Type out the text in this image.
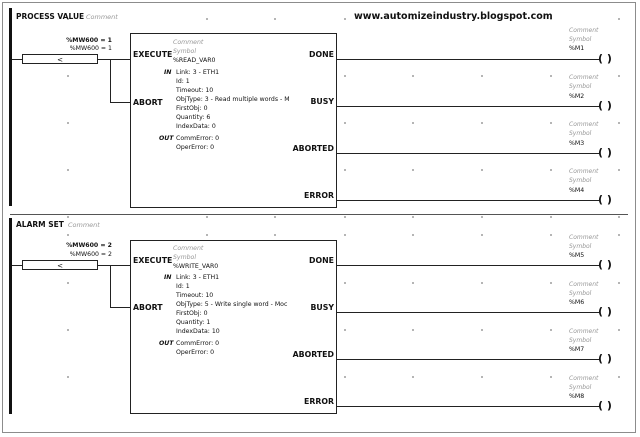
www.automizeindustry.blogspot.com
PROCESS VALUE Comment
%MW600 = 1
%MW600 = 1
<
Comment
Symbol
%READ_VAR0
EXECUTE
ABORT
IN Link: 3 - ETH1
Id: 1
Timeout: 10
ObjType: 3 - Read multiple words - M
FirstObj: 0
Quantity: 6
IndexData: 0
OUT CommError: 0
OperError: 0
DONE
BUSY
ABORTED
ERROR
Comment
Symbol
%M1
( )
Comment
Symbol
%M2
( )
Comment
Symbol
%M3
( )
Comment
Symbol
%M4
( )
ALARM SET Comment
%MW600 = 2
%MW600 = 2
<
Comment
Symbol
%WRITE_VAR0
EXECUTE
ABORT
IN Link: 3 - ETH1
Id: 1
Timeout: 10
ObjType: 5 - Write single word - Moc
FirstObj: 0
Quantity: 1
IndexData: 10
OUT CommError: 0
OperError: 0
DONE
BUSY
ABORTED
ERROR
Comment
Symbol
%M5
( )
Comment
Symbol
%M6
( )
Comment
Symbol
%M7
( )
Comment
Symbol
%M8
( )
